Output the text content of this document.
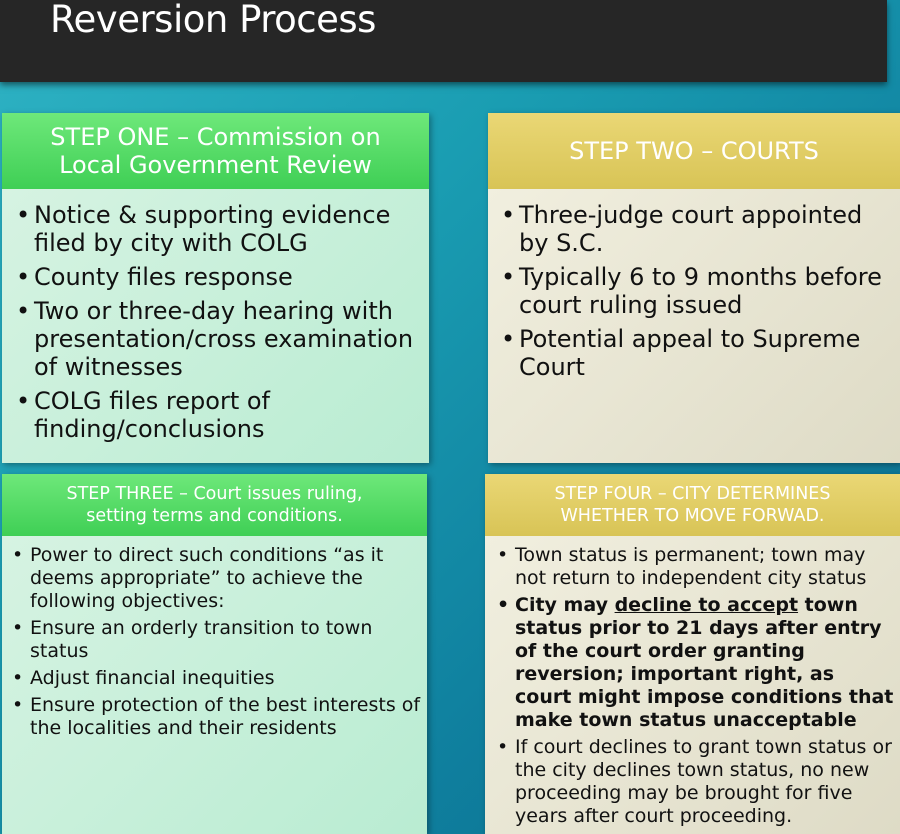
Reversion Process
STEP ONE – Commission on
Local Government Review
• Notice & supporting evidence filed by city with COLG
• County files response
• Two or three-day hearing with presentation/cross examination of witnesses
• COLG files report of finding/conclusions
STEP TWO – COURTS
• Three-judge court appointed by S.C.
• Typically 6 to 9 months before court ruling issued
• Potential appeal to Supreme Court
STEP THREE – Court issues ruling,
setting terms and conditions.
• Power to direct such conditions “as it deems appropriate” to achieve the following objectives:
• Ensure an orderly transition to town status
• Adjust financial inequities
• Ensure protection of the best interests of the localities and their residents
STEP FOUR – CITY DETERMINES
WHETHER TO MOVE FORWAD.
• Town status is permanent; town may not return to independent city status
• City may decline to accept town status prior to 21 days after entry of the court order granting reversion; important right, as court might impose conditions that make town status unacceptable
• If court declines to grant town status or the city declines town status, no new proceeding may be brought for five years after court proceeding.
